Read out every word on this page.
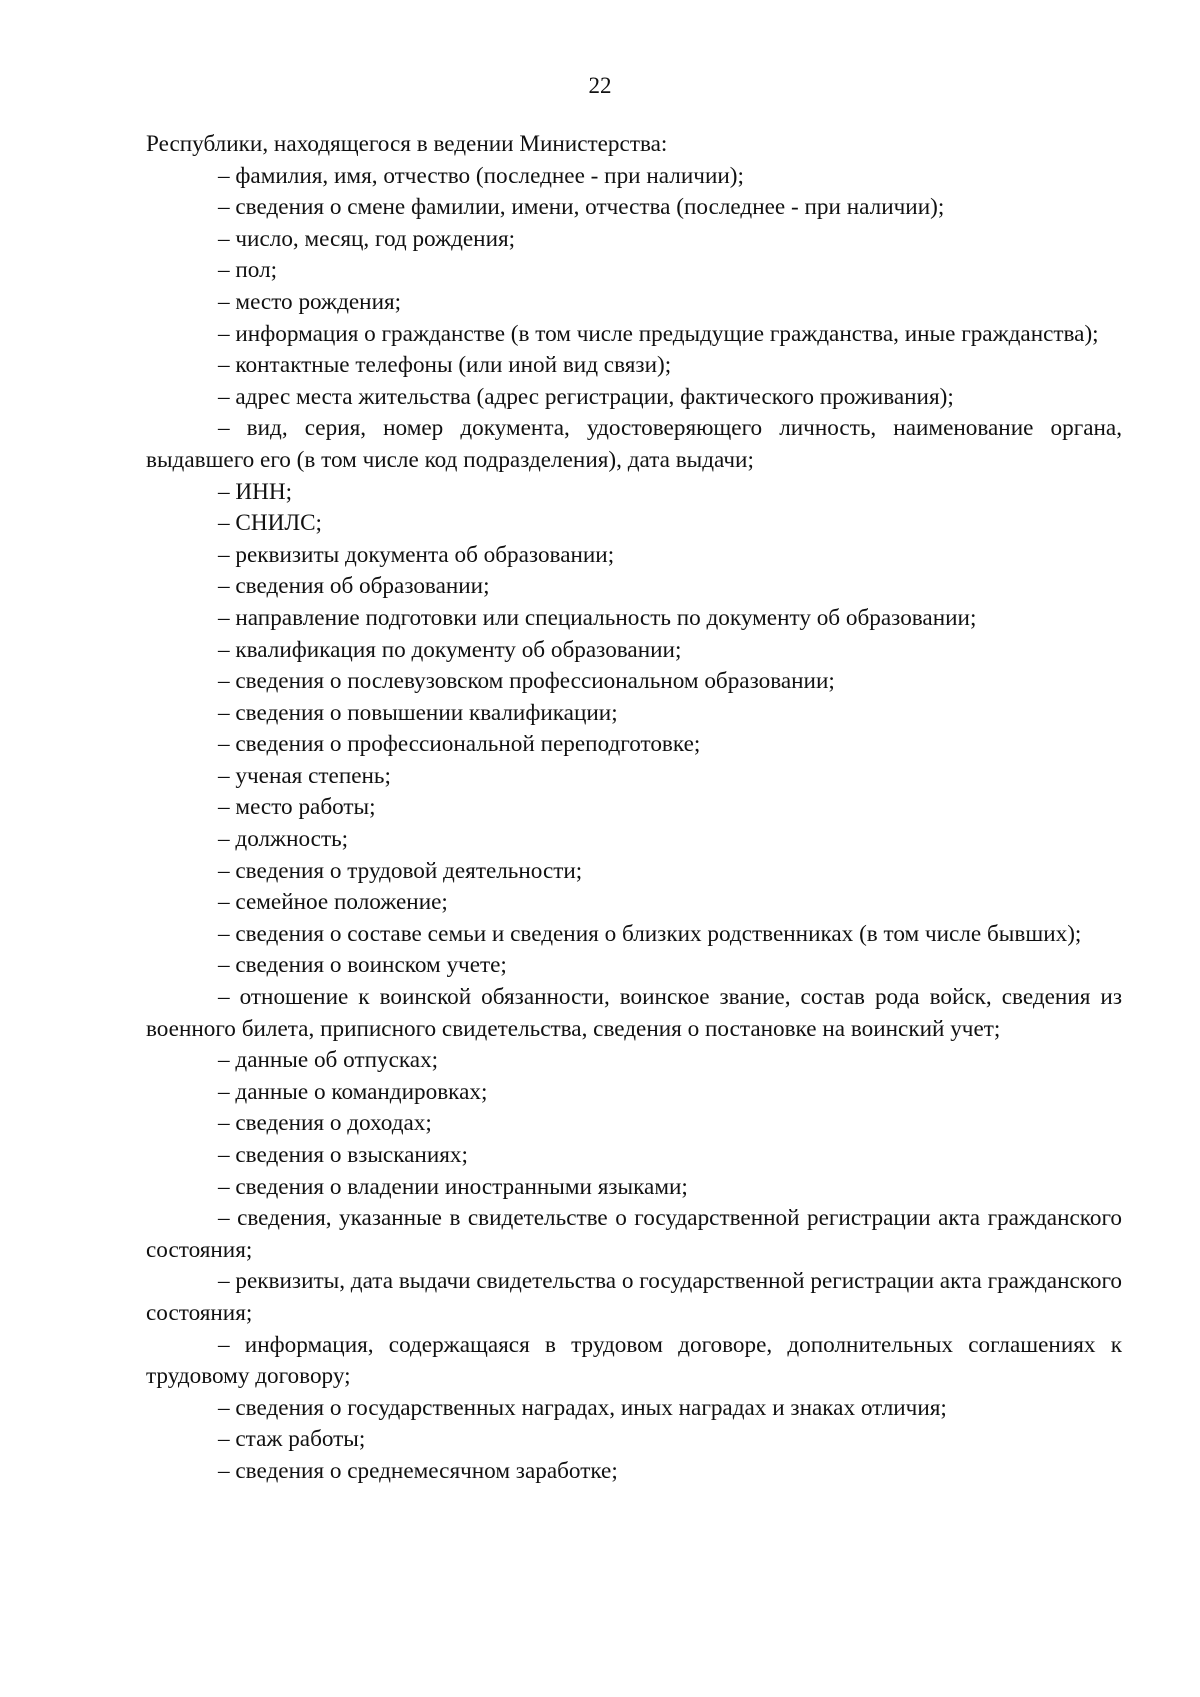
22

Республики, находящегося в ведении Министерства:

– фамилия, имя, отчество (последнее - при наличии);

– сведения о смене фамилии, имени, отчества (последнее - при наличии);

– число, месяц, год рождения;

– пол;

– место рождения;

– информация о гражданстве (в том числе предыдущие гражданства, иные гражданства);

– контактные телефоны (или иной вид связи);

– адрес места жительства (адрес регистрации, фактического проживания);

– вид, серия, номер документа, удостоверяющего личность, наименование органа, выдавшего его (в том числе код подразделения), дата выдачи;

– ИНН;

– СНИЛС;

– реквизиты документа об образовании;

– сведения об образовании;

– направление подготовки или специальность по документу об образовании;

– квалификация по документу об образовании;

– сведения о послевузовском профессиональном образовании;

– сведения о повышении квалификации;

– сведения о профессиональной переподготовке;

– ученая степень;

– место работы;

– должность;

– сведения о трудовой деятельности;

– семейное положение;

– сведения о составе семьи и сведения о близких родственниках (в том числе бывших);

– сведения о воинском учете;

– отношение к воинской обязанности, воинское звание, состав рода войск, сведения из военного билета, приписного свидетельства, сведения о постановке на воинский учет;

– данные об отпусках;

– данные о командировках;

– сведения о доходах;

– сведения о взысканиях;

– сведения о владении иностранными языками;

– сведения, указанные в свидетельстве о государственной регистрации акта гражданского состояния;

– реквизиты, дата выдачи свидетельства о государственной регистрации акта гражданского состояния;

– информация, содержащаяся в трудовом договоре, дополнительных соглашениях к трудовому договору;

– сведения о государственных наградах, иных наградах и знаках отличия;

– стаж работы;

– сведения о среднемесячном заработке;
